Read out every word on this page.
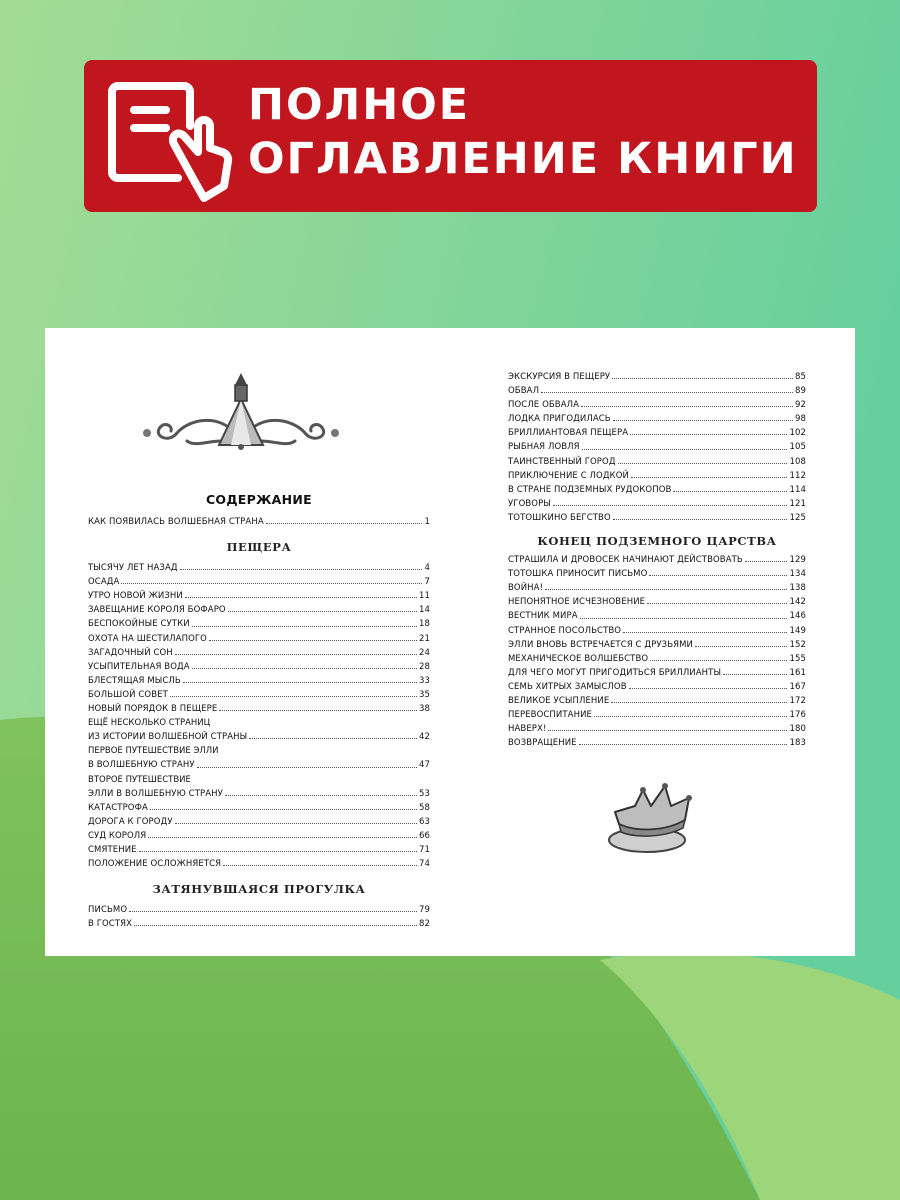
ПОЛНОЕ
ОГЛАВЛЕНИЕ КНИГИ
СОДЕРЖАНИЕ
КАК ПОЯВИЛАСЬ ВОЛШЕБНАЯ СТРАНА	1
ПЕЩЕРА
ТЫСЯЧУ ЛЕТ НАЗАД	4
ОСАДА	7
УТРО НОВОЙ ЖИЗНИ	11
ЗАВЕЩАНИЕ КОРОЛЯ БОФАРО	14
БЕСПОКОЙНЫЕ СУТКИ	18
ОХОТА НА ШЕСТИЛАПОГО	21
ЗАГАДОЧНЫЙ СОН	24
УСЫПИТЕЛЬНАЯ ВОДА	28
БЛЕСТЯЩАЯ МЫСЛЬ	33
БОЛЬШОЙ СОВЕТ	35
НОВЫЙ ПОРЯДОК В ПЕЩЕРЕ	38
ЕЩЁ НЕСКОЛЬКО СТРАНИЦ
ИЗ ИСТОРИИ ВОЛШЕБНОЙ СТРАНЫ	42
ПЕРВОЕ ПУТЕШЕСТВИЕ ЭЛЛИ
В ВОЛШЕБНУЮ СТРАНУ	47
ВТОРОЕ ПУТЕШЕСТВИЕ
ЭЛЛИ В ВОЛШЕБНУЮ СТРАНУ	53
КАТАСТРОФА	58
ДОРОГА К ГОРОДУ	63
СУД КОРОЛЯ	66
СМЯТЕНИЕ	71
ПОЛОЖЕНИЕ ОСЛОЖНЯЕТСЯ	74
ЗАТЯНУВШАЯСЯ ПРОГУЛКА
ПИСЬМО	79
В ГОСТЯХ	82
ЭКСКУРСИЯ В ПЕЩЕРУ	85
ОБВАЛ	89
ПОСЛЕ ОБВАЛА	92
ЛОДКА ПРИГОДИЛАСЬ	98
БРИЛЛИАНТОВАЯ ПЕЩЕРА	102
РЫБНАЯ ЛОВЛЯ	105
ТАИНСТВЕННЫЙ ГОРОД	108
ПРИКЛЮЧЕНИЕ С ЛОДКОЙ	112
В СТРАНЕ ПОДЗЕМНЫХ РУДОКОПОВ	114
УГОВОРЫ	121
ТОТОШКИНО БЕГСТВО	125
КОНЕЦ ПОДЗЕМНОГО ЦАРСТВА
СТРАШИЛА И ДРОВОСЕК НАЧИНАЮТ ДЕЙСТВОВАТЬ	129
ТОТОШКА ПРИНОСИТ ПИСЬМО	134
ВОЙНА!	138
НЕПОНЯТНОЕ ИСЧЕЗНОВЕНИЕ	142
ВЕСТНИК МИРА	146
СТРАННОЕ ПОСОЛЬСТВО	149
ЭЛЛИ ВНОВЬ ВСТРЕЧАЕТСЯ С ДРУЗЬЯМИ	152
МЕХАНИЧЕСКОЕ ВОЛШЕБСТВО	155
ДЛЯ ЧЕГО МОГУТ ПРИГОДИТЬСЯ БРИЛЛИАНТЫ	161
СЕМЬ ХИТРЫХ ЗАМЫСЛОВ	167
ВЕЛИКОЕ УСЫПЛЕНИЕ	172
ПЕРЕВОСПИТАНИЕ	176
НАВЕРХ!	180
ВОЗВРАЩЕНИЕ	183
